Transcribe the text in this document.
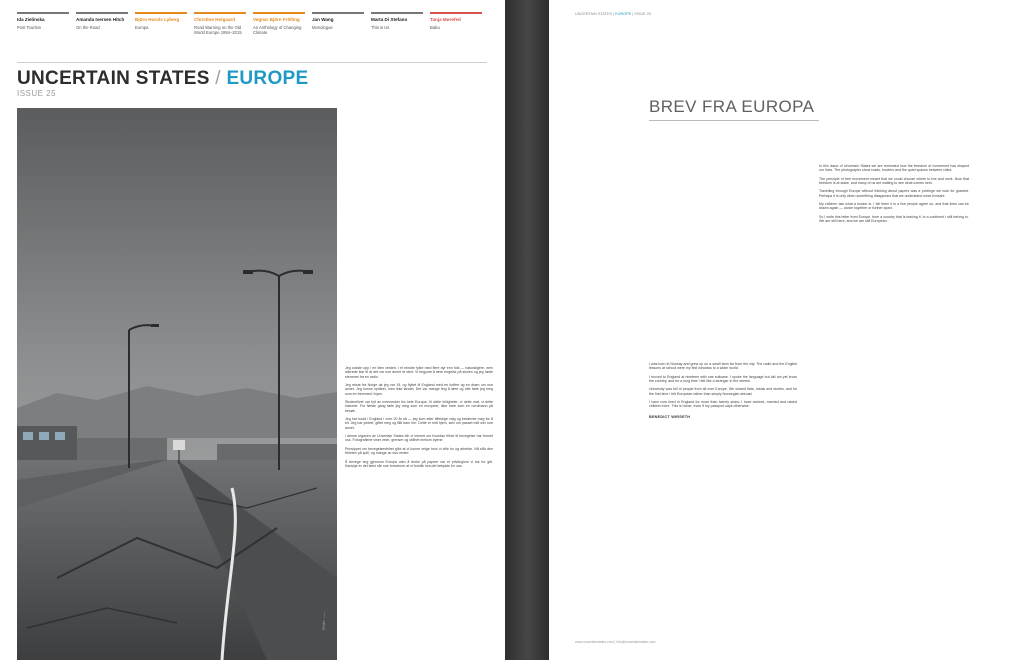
Ida Zielinska
Post Tourism
Amanda Iversen Hitch
On the Road
Björn Horols Lyberg
Europa
Christine Holgaard
Road Warning on the Old World Europe 1994–2015
Vegnar Björn Frölling
An Anthology of Changing Climate
Jan Wang
Monologue
Marta Di Stefano
This is Us
Tanja Mørefed
Babu
UNCERTAIN STATES / EUROPE
ISSUE 25
Photo: ——

Jeg vokste opp i en liten verden, i et mindre fylke med flere dyr enn folk — naturaligere, men allerede klar til at det var noe annet et sted. Vi begynte å lære engelsk på skolen og jeg hørte stemmer fra en radio.

Jeg reiste fra Norge da jeg var 19, og flyttet til England med en koffert og en drøm om noe annet. Jeg kunne språket, men ikke landet. Det var mange ting å lære og ofte følte jeg meg som en fremmed i byen.

Studentlivet var fylt av mennesker fra hele Europa. Vi delte leiligheter, vi delte mat, vi delte historier. For første gang følte jeg meg som en europeer, ikke bare som en nordmann på besøk.

Jeg har bodd i England i over 20 år nå — jeg kom etter tilfeldige valg og bestemte meg for å bli. Jeg har jobbet, giftet meg og fått barn her. Dette er mitt hjem, selv om passet mitt sier noe annet.

I denne utgaven av Uncertain States blir vi minnet om hvordan frihet til bevegelse har formet oss. Fotografiene viser veier, grenser og stillhet mellom byene.

Prinsippet om bevegelsesfrihet gikk at vi kunne velge hvor vi ville bo og arbeide. Nå står den friheten på spill, og mange av oss venter.

Å bevege seg gjennom Europa uten å tenke på papirer var et privilegium vi tok for gitt. Kanskje er det først når noe forsvinner at vi forstår hva det betydde for oss.

UNCERTAIN STATES | EUROPE | ISSUE 25
BREV FRA EUROPA

In this issue of Uncertain States we are reminded how the freedom of movement has shaped our lives. The photographs show roads, borders and the quiet spaces between cities.

The principle of free movement meant that we could choose where to live and work. Now that freedom is at stake, and many of us are waiting to see what comes next.

Travelling through Europe without thinking about papers was a privilege we took for granted. Perhaps it is only when something disappears that we understand what it meant.

My children ask what a border is. I tell them it is a line people agree on, and that lines can be drawn again — closer together or further apart.

So I write this letter from Europe, from a country that is leaving it, to a continent I still belong to. We are still here, and we are still European.

I was born in Norway and grew up on a small farm far from the city. The radio and the English lessons at school were my first windows to a wider world.

I moved to England at nineteen with one suitcase. I spoke the language but did not yet know the country, and for a long time I felt like a stranger in the streets.

University was full of people from all over Europe. We shared flats, meals and stories, and for the first time I felt European rather than simply Norwegian abroad.

I have now lived in England for more than twenty years. I have worked, married and raised children here. This is home, even if my passport says otherwise.

BENEDICT WIRSETH
www.uncertainstates.com | info@uncertainstates.com
